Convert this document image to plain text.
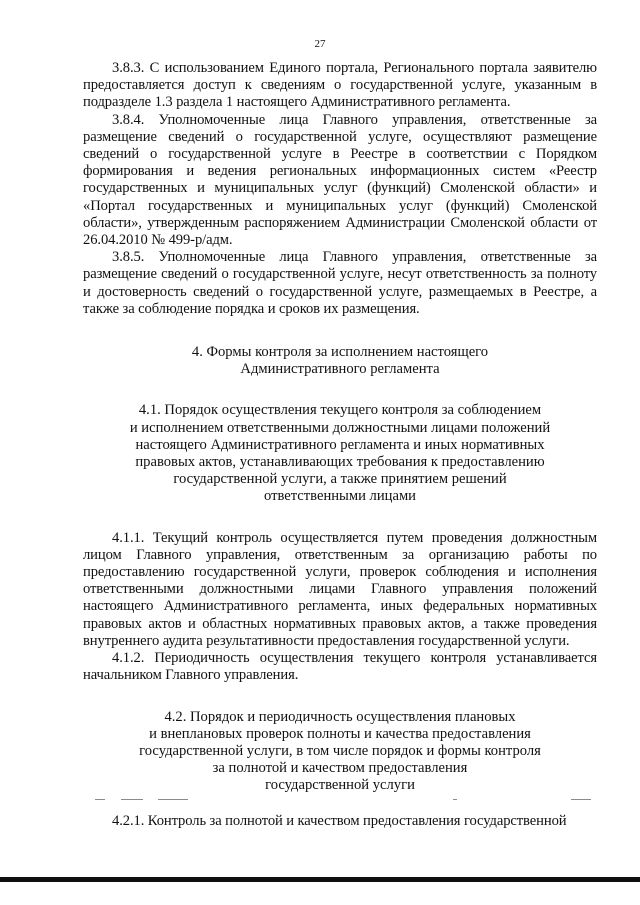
27

3.8.3. С использованием Единого портала, Регионального портала заявителю предоставляется доступ к сведениям о государственной услуге, указанным в подразделе 1.3 раздела 1 настоящего Административного регламента.

3.8.4. Уполномоченные лица Главного управления, ответственные за размещение сведений о государственной услуге, осуществляют размещение сведений о государственной услуге в Реестре в соответствии с Порядком формирования и ведения региональных информационных систем «Реестр государственных и муниципальных услуг (функций) Смоленской области» и «Портал государственных и муниципальных услуг (функций) Смоленской области», утвержденным распоряжением Администрации Смоленской области от 26.04.2010 № 499-р/адм.

3.8.5. Уполномоченные лица Главного управления, ответственные за размещение сведений о государственной услуге, несут ответственность за полноту и достоверность сведений о государственной услуге, размещаемых в Реестре, а также за соблюдение порядка и сроков их размещения.

4. Формы контроля за исполнением настоящего

Административного регламента

4.1. Порядок осуществления текущего контроля за соблюдением

и исполнением ответственными должностными лицами положений

настоящего Административного регламента и иных нормативных

правовых актов, устанавливающих требования к предоставлению

государственной услуги, а также принятием решений

ответственными лицами

4.1.1. Текущий контроль осуществляется путем проведения должностным лицом Главного управления, ответственным за организацию работы по предоставлению государственной услуги, проверок соблюдения и исполнения ответственными должностными лицами Главного управления положений настоящего Административного регламента, иных федеральных нормативных правовых актов и областных нормативных правовых актов, а также проведения внутреннего аудита результативности предоставления государственной услуги.

4.1.2. Периодичность осуществления текущего контроля устанавливается начальником Главного управления.

4.2. Порядок и периодичность осуществления плановых

и внеплановых проверок полноты и качества предоставления

государственной услуги, в том числе порядок и формы контроля

за полнотой и качеством предоставления

государственной услуги

4.2.1. Контроль за полнотой и качеством предоставления государственной
